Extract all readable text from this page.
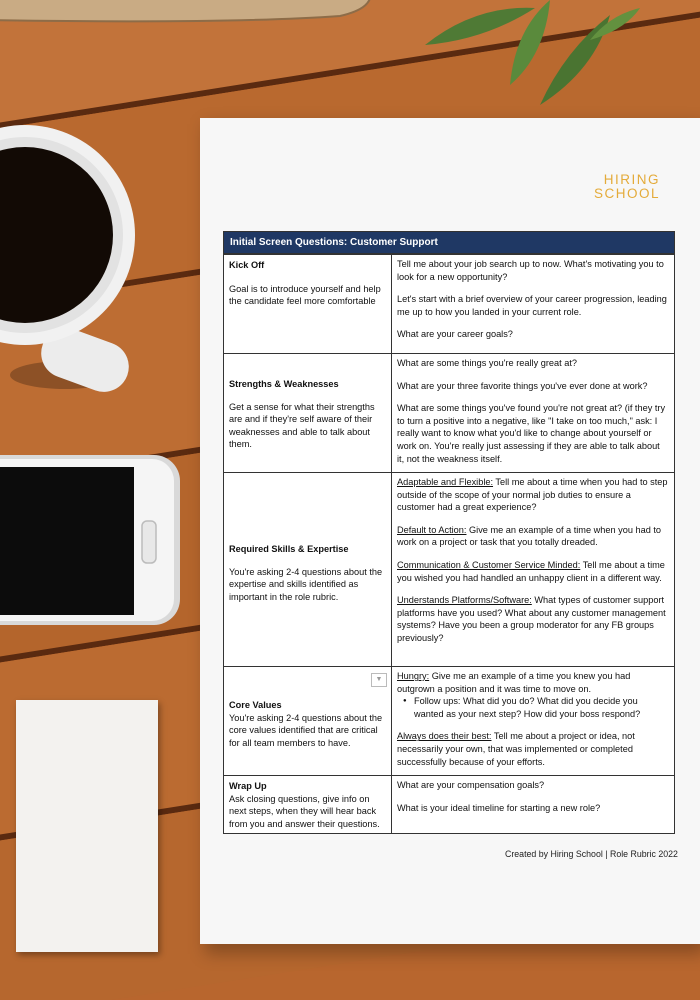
HIRING
SCHOOL
Initial Screen Questions: Customer Support
Kick Off
Goal is to introduce yourself and help the candidate feel more comfortable

Tell me about your job search up to now. What's motivating you to look for a new opportunity?

Let's start with a brief overview of your career progression, leading me up to how you landed in your current role.

What are your career goals?

Strengths & Weaknesses
Get a sense for what their strengths are and if they're self aware of their weaknesses and able to talk about them.

What are some things you're really great at?

What are your three favorite things you've ever done at work?

What are some things you've found you're not great at? (if they try to turn a positive into a negative, like "I take on too much," ask: I really want to know what you'd like to change about yourself or work on. You're really just assessing if they are able to talk about it, not the weakness itself.

Required Skills & Expertise
You're asking 2-4 questions about the expertise and skills identified as important in the role rubric.

Adaptable and Flexible: Tell me about a time when you had to step outside of the scope of your normal job duties to ensure a customer had a great experience?

Default to Action: Give me an example of a time when you had to work on a project or task that you totally dreaded.

Communication & Customer Service Minded: Tell me about a time you wished you had handled an unhappy client in a different way.

Understands Platforms/Software: What types of customer support platforms have you used? What about any customer management systems? Have you been a group moderator for any FB groups previously?

▼
Core Values
You're asking 2-4 questions about the core values identified that are critical for all team members to have.

Hungry: Give me an example of a time you knew you had outgrown a position and it was time to move on.

● Follow ups: What did you do? What did you decide you wanted as your next step? How did your boss respond?

Always does their best: Tell me about a project or idea, not necessarily your own, that was implemented or completed successfully because of your efforts.

Wrap Up
Ask closing questions, give info on next steps, when they will hear back from you and answer their questions.

What are your compensation goals?

What is your ideal timeline for starting a new role?

Created by Hiring School | Role Rubric 2022
